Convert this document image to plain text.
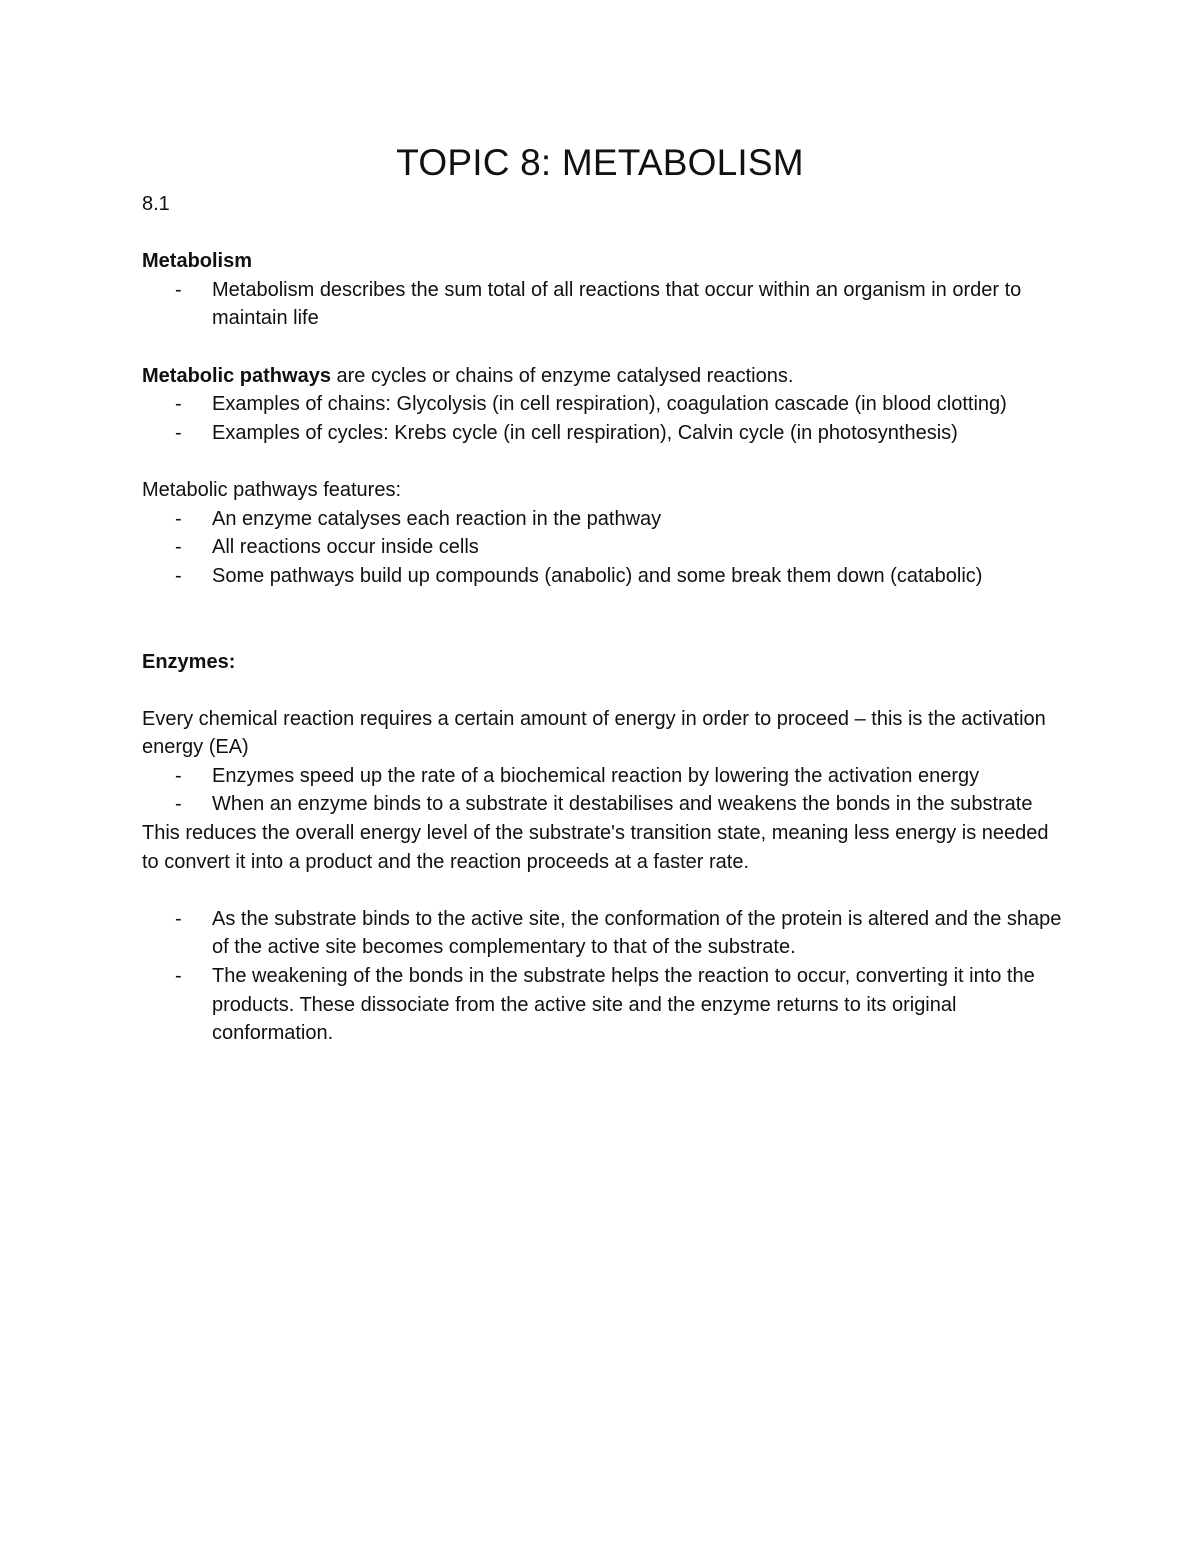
TOPIC 8: METABOLISM

8.1

Metabolism

- Metabolism describes the sum total of all reactions that occur within an organism in order to maintain life

Metabolic pathways are cycles or chains of enzyme catalysed reactions.

- Examples of chains: Glycolysis (in cell respiration), coagulation cascade (in blood clotting)
- Examples of cycles: Krebs cycle (in cell respiration), Calvin cycle (in photosynthesis)

Metabolic pathways features:

- An enzyme catalyses each reaction in the pathway
- All reactions occur inside cells
- Some pathways build up compounds (anabolic) and some break them down (catabolic)

Enzymes:

Every chemical reaction requires a certain amount of energy in order to proceed – this is the activation energy (EA)

- Enzymes speed up the rate of a biochemical reaction by lowering the activation energy
- When an enzyme binds to a substrate it destabilises and weakens the bonds in the substrate

This reduces the overall energy level of the substrate's transition state, meaning less energy is needed to convert it into a product and the reaction proceeds at a faster rate.

- As the substrate binds to the active site, the conformation of the protein is altered and the shape of the active site becomes complementary to that of the substrate.
- The weakening of the bonds in the substrate helps the reaction to occur, converting it into the products. These dissociate from the active site and the enzyme returns to its original conformation.
